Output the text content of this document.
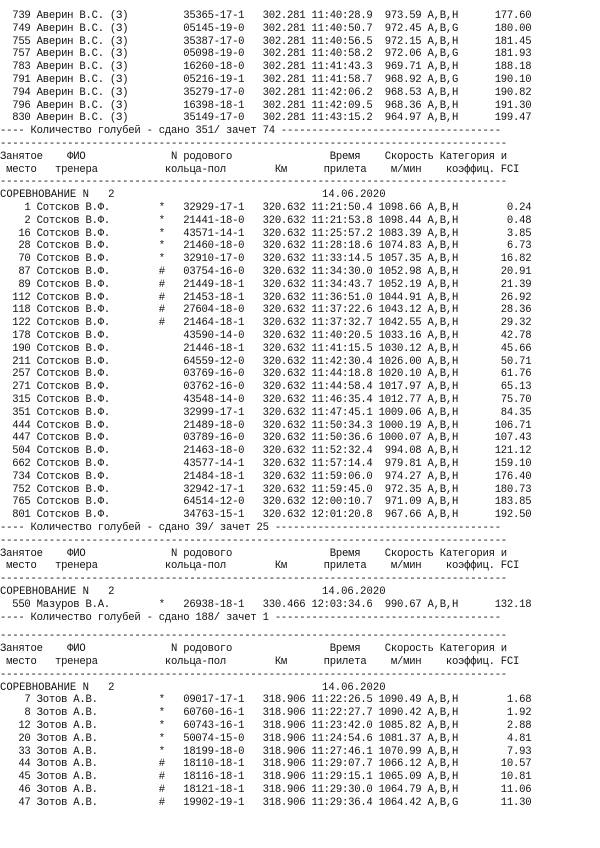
739 Аверин В.С. (З)         35365-17-1   302.281 11:40:28.9  973.59 A,B,H      177.60
749 Аверин В.С. (З)         05145-19-0   302.281 11:40:50.7  972.45 A,B,G      180.00
755 Аверин В.С. (З)         35387-17-0   302.281 11:40:56.5  972.15 A,B,H      181.45
757 Аверин В.С. (З)         05098-19-0   302.281 11:40:58.2  972.06 A,B,G      181.93
783 Аверин В.С. (З)         16260-18-0   302.281 11:41:43.3  969.71 A,B,H      188.18
791 Аверин В.С. (З)         05216-19-1   302.281 11:41:58.7  968.92 A,B,G      190.10
794 Аверин В.С. (З)         35279-17-0   302.281 11:42:06.2  968.53 A,B,H      190.82
796 Аверин В.С. (З)         16398-18-1   302.281 11:42:09.5  968.36 A,B,H      191.30
830 Аверин В.С. (З)         35149-17-0   302.281 11:43:15.2  964.97 A,B,H      199.47
---- Количество голубей - сдано 351/ зачет 74 ------------------------------------
-----------------------------------------------------------------------------------
Занятое    ФИО              N родового                Время    Скорость Категория и
место   тренера           кольца-пол        Км      прилета    м/мин    коэффиц. FCI
-----------------------------------------------------------------------------------
СОРЕВНОВАНИЕ N   2	14.06.2020
1 Сотсков В.Ф.        *   32929-17-1   320.632 11:21:50.4 1098.66 A,B,H        0.24
2 Сотсков В.Ф.        *   21441-18-0   320.632 11:21:53.8 1098.44 A,B,H        0.48
16 Сотсков В.Ф.        *   43571-14-1   320.632 11:25:57.2 1083.39 A,B,H        3.85
28 Сотсков В.Ф.        *   21460-18-0   320.632 11:28:18.6 1074.83 A,B,H        6.73
70 Сотсков В.Ф.        *   32910-17-0   320.632 11:33:14.5 1057.35 A,B,H       16.82
87 Сотсков В.Ф.        #   03754-16-0   320.632 11:34:30.0 1052.98 A,B,H       20.91
89 Сотсков В.Ф.        #   21449-18-1   320.632 11:34:43.7 1052.19 A,B,H       21.39
112 Сотсков В.Ф.        #   21453-18-1   320.632 11:36:51.0 1044.91 A,B,H       26.92
118 Сотсков В.Ф.        #   27604-18-0   320.632 11:37:22.6 1043.12 A,B,H       28.36
122 Сотсков В.Ф.        #   21464-18-1   320.632 11:37:32.7 1042.55 A,B,H       29.32
178 Сотсков В.Ф.            43590-14-0   320.632 11:40:20.5 1033.16 A,B,H       42.78
190 Сотсков В.Ф.            21446-18-1   320.632 11:41:15.5 1030.12 A,B,H       45.66
211 Сотсков В.Ф.            64559-12-0   320.632 11:42:30.4 1026.00 A,B,H       50.71
257 Сотсков В.Ф.            03769-16-0   320.632 11:44:18.8 1020.10 A,B,H       61.76
271 Сотсков В.Ф.            03762-16-0   320.632 11:44:58.4 1017.97 A,B,H       65.13
315 Сотсков В.Ф.            43548-14-0   320.632 11:46:35.4 1012.77 A,B,H       75.70
351 Сотсков В.Ф.            32999-17-1   320.632 11:47:45.1 1009.06 A,B,H       84.35
444 Сотсков В.Ф.            21489-18-0   320.632 11:50:34.3 1000.19 A,B,H      106.71
447 Сотсков В.Ф.            03789-16-0   320.632 11:50:36.6 1000.07 A,B,H      107.43
504 Сотсков В.Ф.            21463-18-0   320.632 11:52:32.4  994.08 A,B,H      121.12
662 Сотсков В.Ф.            43577-14-1   320.632 11:57:14.4  979.81 A,B,H      159.10
734 Сотсков В.Ф.            21484-18-1   320.632 11:59:06.0  974.27 A,B,H      176.40
752 Сотсков В.Ф.            32942-17-1   320.632 11:59:45.0  972.35 A,B,H      180.73
765 Сотсков В.Ф.            64514-12-0   320.632 12:00:10.7  971.09 A,B,H      183.85
801 Сотсков В.Ф.            34763-15-1   320.632 12:01:20.8  967.66 A,B,H      192.50
---- Количество голубей - сдано 39/ зачет 25 -------------------------------------
-----------------------------------------------------------------------------------
Занятое    ФИО              N родового                Время    Скорость Категория и
место   тренера           кольца-пол        Км      прилета    м/мин    коэффиц. FCI
-----------------------------------------------------------------------------------
СОРЕВНОВАНИЕ N   2	14.06.2020
550 Мазуров В.А.        *   26938-18-1   330.466 12:03:34.6  990.67 A,B,H      132.18
---- Количество голубей - сдано 188/ зачет 1 -------------------------------------
-----------------------------------------------------------------------------------
Занятое    ФИО              N родового                Время    Скорость Категория и
место   тренера           кольца-пол        Км      прилета    м/мин    коэффиц. FCI
-----------------------------------------------------------------------------------
СОРЕВНОВАНИЕ N   2	14.06.2020
7 Зотов А.В.          *   09017-17-1   318.906 11:22:26.5 1090.49 A,B,H        1.68
8 Зотов А.В.          *   60760-16-1   318.906 11:22:27.7 1090.42 A,B,H        1.92
12 Зотов А.В.          *   60743-16-1   318.906 11:23:42.0 1085.82 A,B,H        2.88
20 Зотов А.В.          *   50074-15-0   318.906 11:24:54.6 1081.37 A,B,H        4.81
33 Зотов А.В.          *   18199-18-0   318.906 11:27:46.1 1070.99 A,B,H        7.93
44 Зотов А.В.          #   18110-18-1   318.906 11:29:07.7 1066.12 A,B,H       10.57
45 Зотов А.В.          #   18116-18-1   318.906 11:29:15.1 1065.09 A,B,H       10.81
46 Зотов А.В.          #   18121-18-1   318.906 11:29:30.0 1064.79 A,B,H       11.06
47 Зотов А.В.          #   19902-19-1   318.906 11:29:36.4 1064.42 A,B,G       11.30
